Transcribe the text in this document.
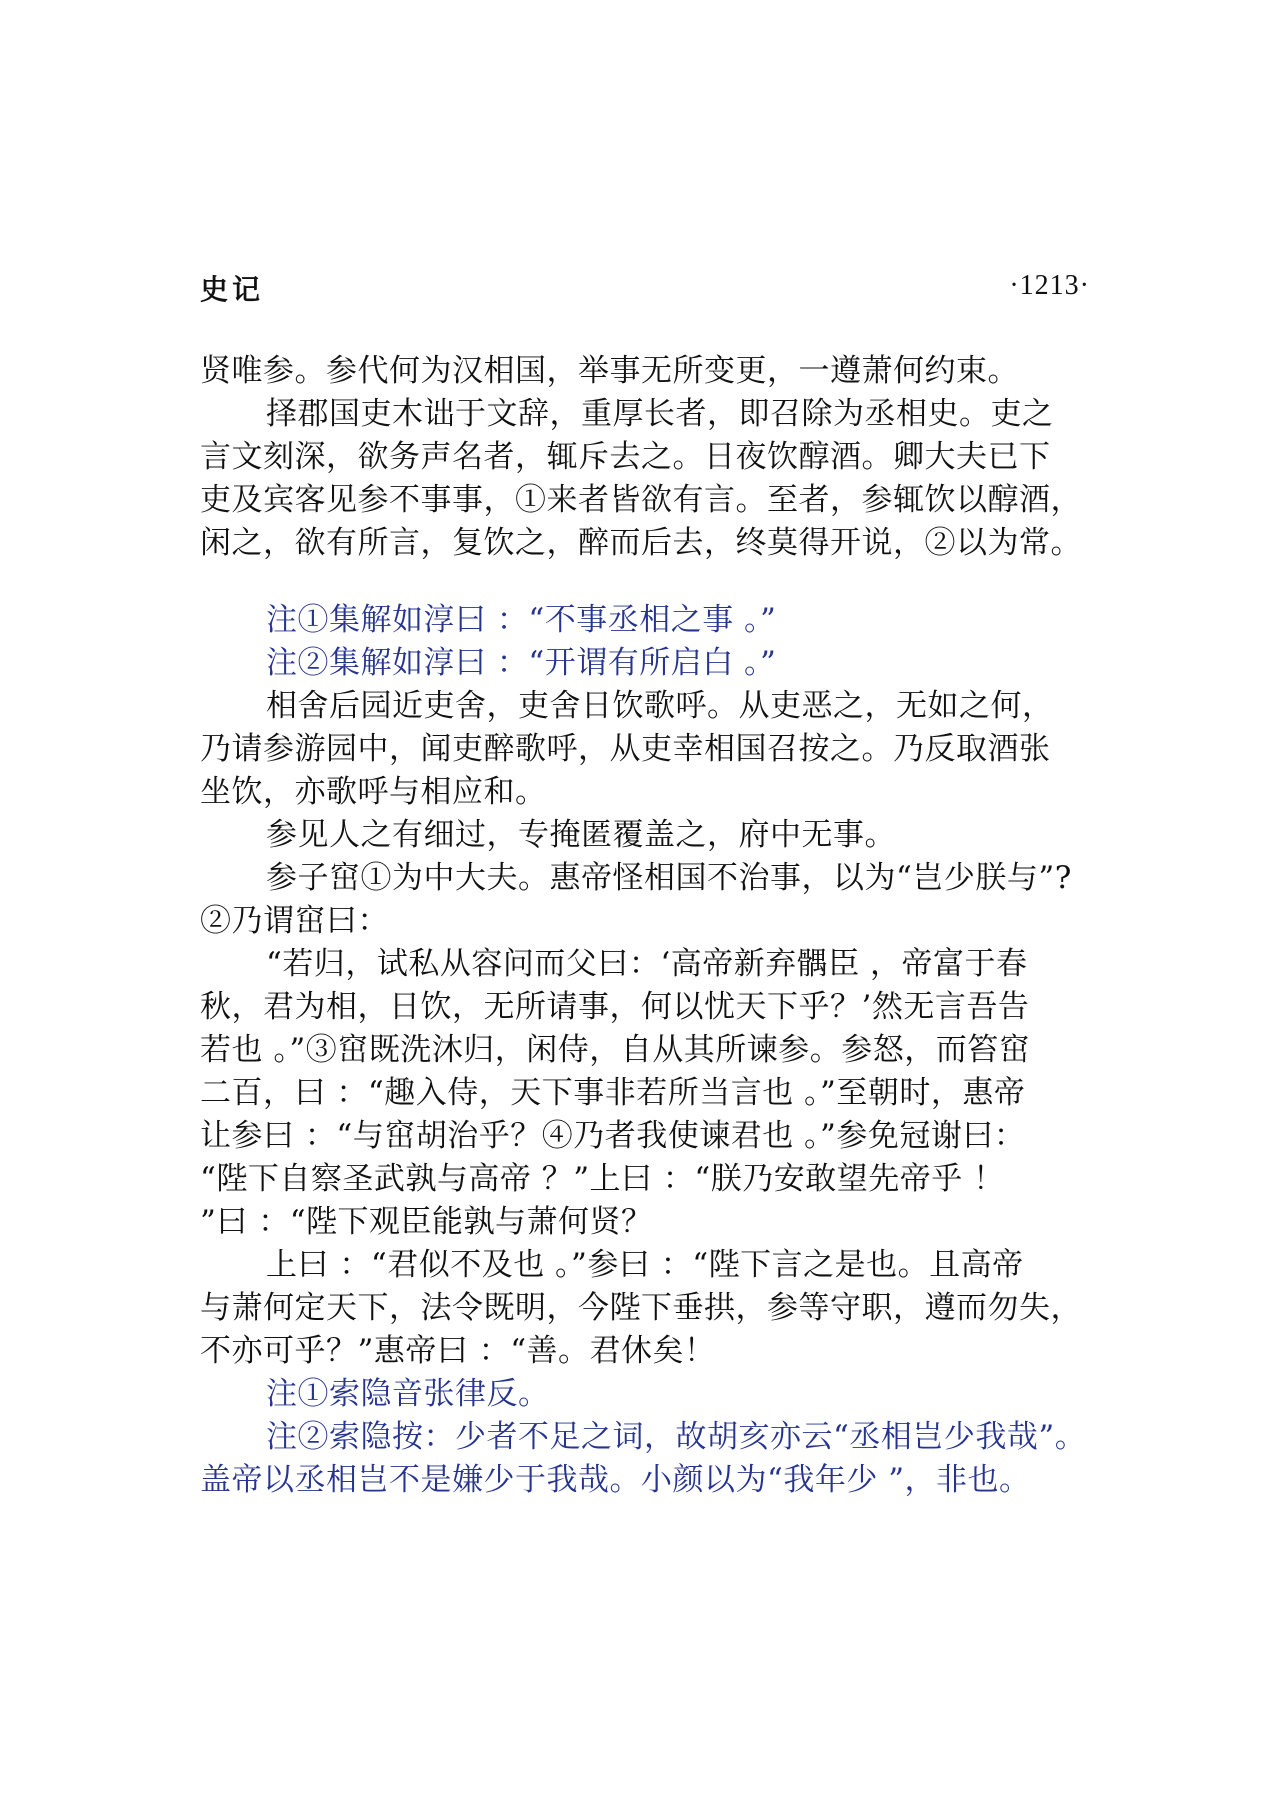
史记	·1213·
贤唯参。参代何为汉相国，举事无所变更，一遵萧何约束。
择郡国吏木诎于文辞，重厚长者，即召除为丞相史。吏之
言文刻深，欲务声名者，辄斥去之。日夜饮醇酒。卿大夫已下
吏及宾客见参不事事，①来者皆欲有言。至者，参辄饮以醇酒，
闲之，欲有所言，复饮之，醉而后去，终莫得开说，②以为常。
注①集解如淳曰 ：“不事丞相之事 。”
注②集解如淳曰 ：“开谓有所启白 。”
相舍后园近吏舍，吏舍日饮歌呼。从吏恶之，无如之何，
乃请参游园中，闻吏醉歌呼，从吏幸相国召按之。乃反取酒张
坐饮，亦歌呼与相应和。
参见人之有细过，专掩匿覆盖之，府中无事。
参子窋①为中大夫。惠帝怪相国不治事，以为“岂少朕与”?
②乃谓窋曰：
“若归，试私从容问而父曰：‘高帝新弃髃臣 ，帝富于春
秋，君为相，日饮，无所请事，何以忧天下乎？’然无言吾告
若也 。”③窋既洗沐归，闲侍，自从其所谏参。参怒，而笞窋
二百，曰 ：“趣入侍，天下事非若所当言也 。”至朝时，惠帝
让参曰 ：“与窋胡治乎？④乃者我使谏君也 。”参免冠谢曰：
“陛下自察圣武孰与高帝 ？”上曰 ：“朕乃安敢望先帝乎 ！
”曰 ：“陛下观臣能孰与萧何贤？
上曰 ：“君似不及也 。”参曰 ：“陛下言之是也。且高帝
与萧何定天下，法令既明，今陛下垂拱，参等守职，遵而勿失，
不亦可乎？”惠帝曰 ：“善。君休矣！
注①索隐音张律反。
注②索隐按：少者不足之词，故胡亥亦云“丞相岂少我哉”。
盖帝以丞相岂不是嫌少于我哉。小颜以为“我年少 ”，非也。
